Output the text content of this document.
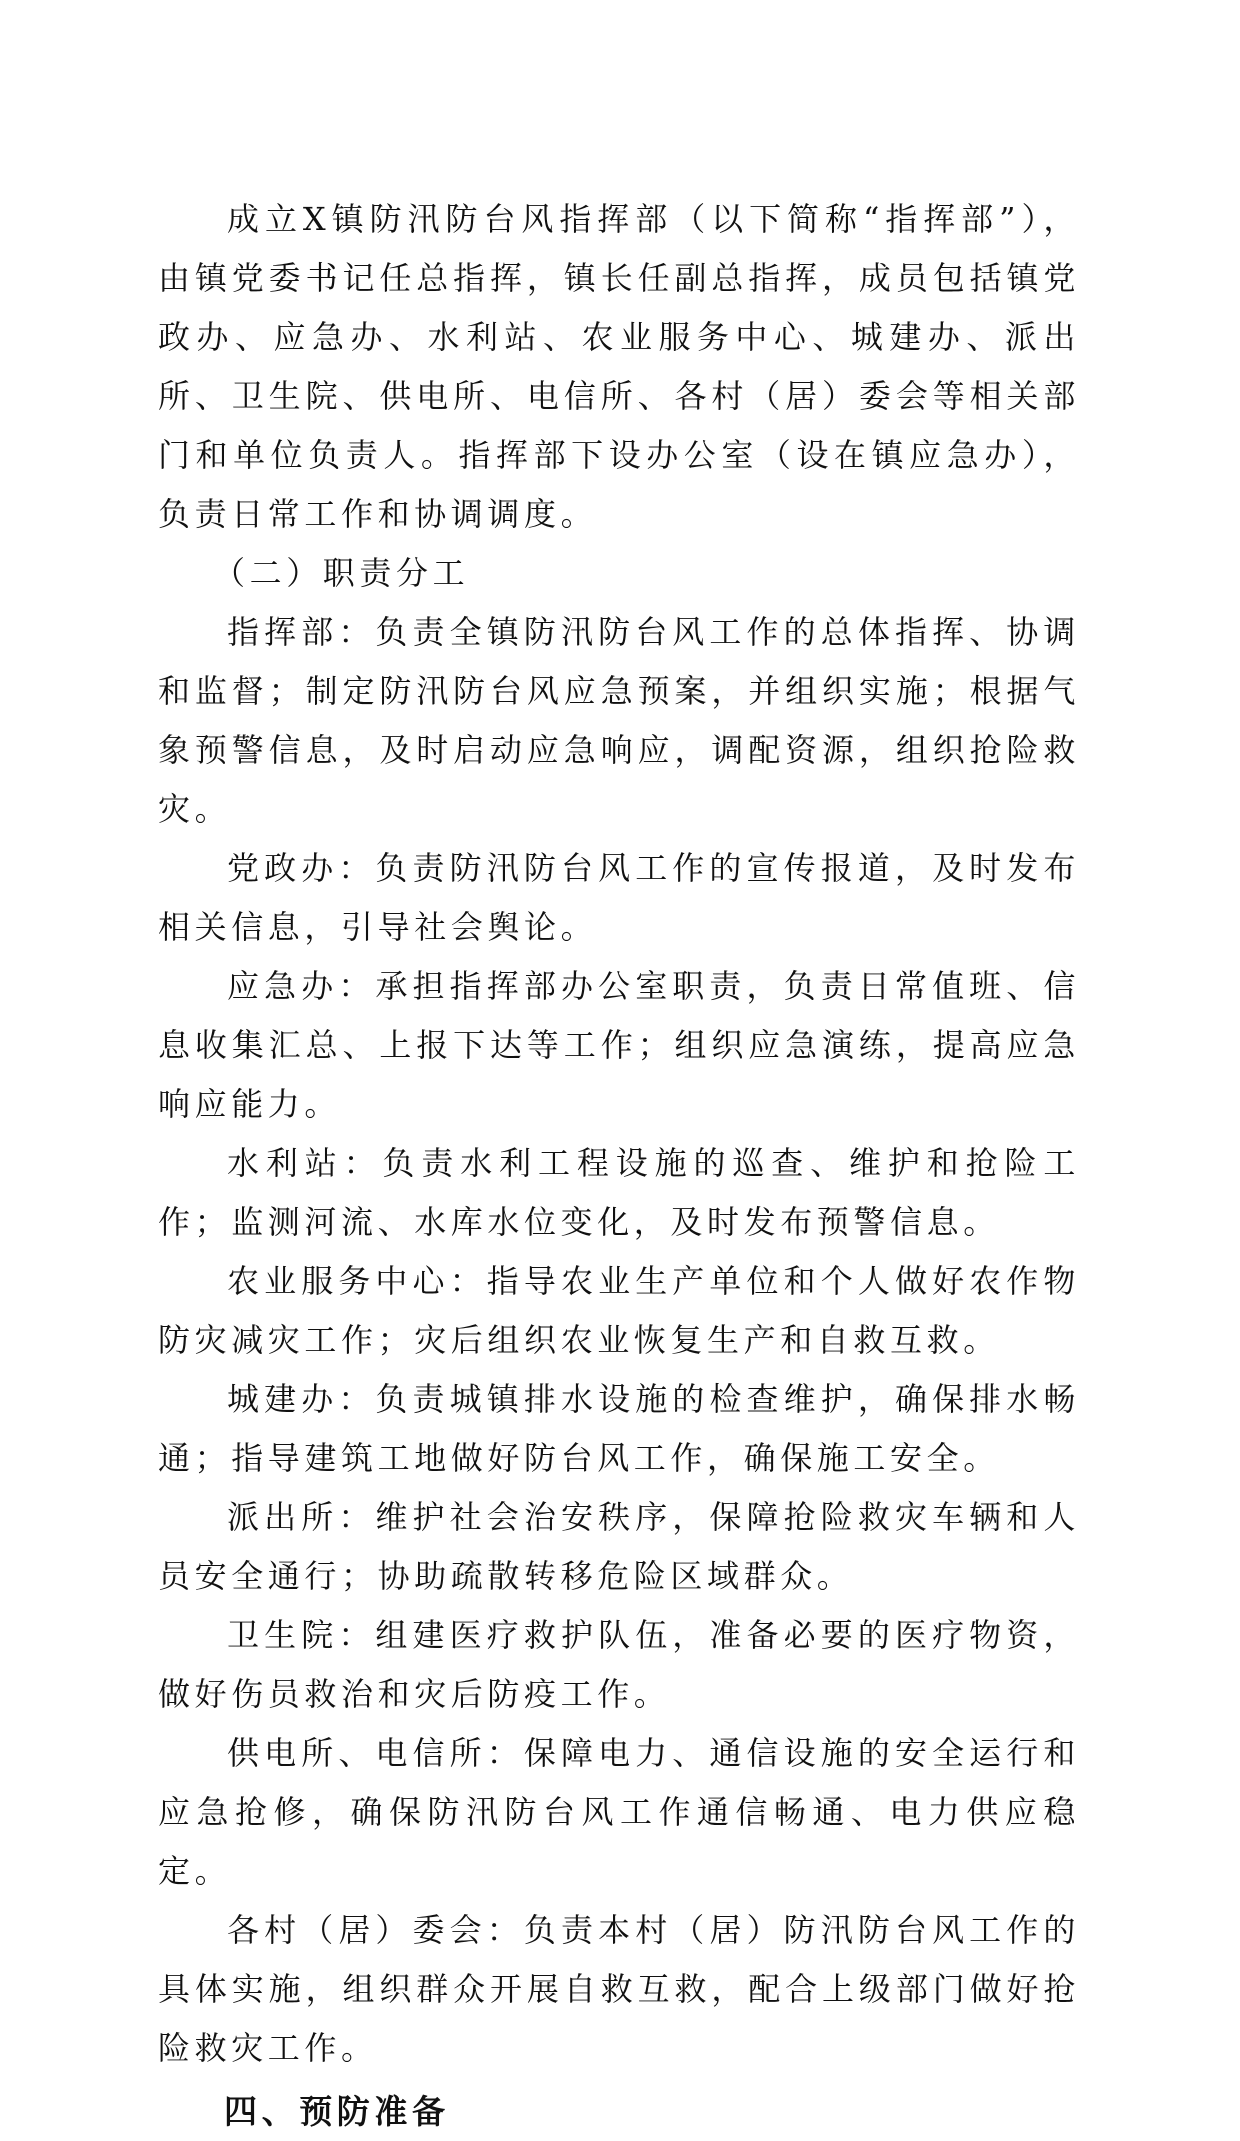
成立X镇防汛防台风指挥部（以下简称“指挥部”），由镇党委书记任总指挥，镇长任副总指挥，成员包括镇党政办、应急办、水利站、农业服务中心、城建办、派出所、卫生院、供电所、电信所、各村（居）委会等相关部门和单位负责人。指挥部下设办公室（设在镇应急办），负责日常工作和协调调度。

（二）职责分工

指挥部：负责全镇防汛防台风工作的总体指挥、协调和监督；制定防汛防台风应急预案，并组织实施；根据气象预警信息，及时启动应急响应，调配资源，组织抢险救灾。

党政办：负责防汛防台风工作的宣传报道，及时发布相关信息，引导社会舆论。

应急办：承担指挥部办公室职责，负责日常值班、信息收集汇总、上报下达等工作；组织应急演练，提高应急响应能力。

水利站：负责水利工程设施的巡查、维护和抢险工作；监测河流、水库水位变化，及时发布预警信息。

农业服务中心：指导农业生产单位和个人做好农作物防灾减灾工作；灾后组织农业恢复生产和自救互救。

城建办：负责城镇排水设施的检查维护，确保排水畅通；指导建筑工地做好防台风工作，确保施工安全。

派出所：维护社会治安秩序，保障抢险救灾车辆和人员安全通行；协助疏散转移危险区域群众。

卫生院：组建医疗救护队伍，准备必要的医疗物资，做好伤员救治和灾后防疫工作。

供电所、电信所：保障电力、通信设施的安全运行和应急抢修，确保防汛防台风工作通信畅通、电力供应稳定。

各村（居）委会：负责本村（居）防汛防台风工作的具体实施，组织群众开展自救互救，配合上级部门做好抢险救灾工作。

四、预防准备
